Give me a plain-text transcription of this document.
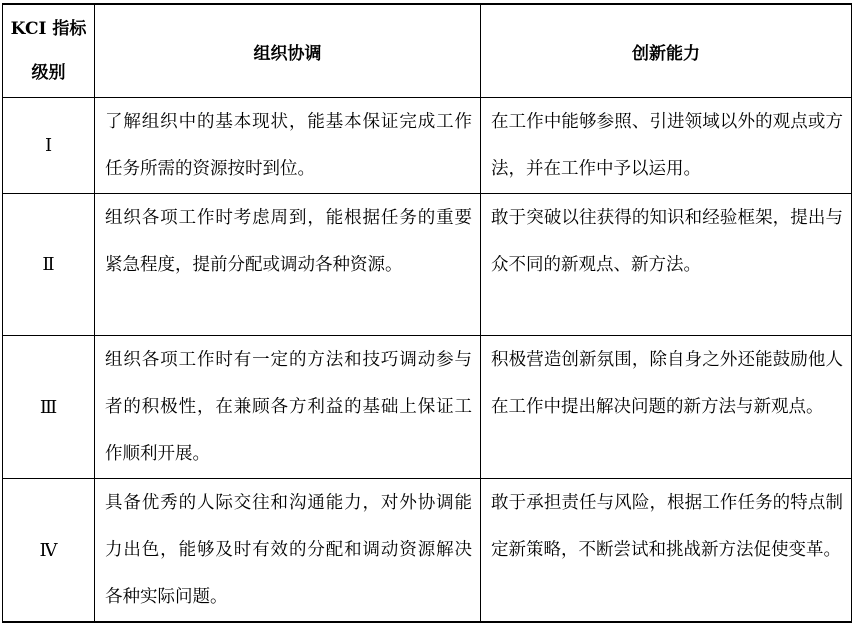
KCI 指标级别	组织协调	创新能力
Ⅰ	了解组织中的基本现状，能基本保证完成工作任务所需的资源按时到位。	在工作中能够参照、引进领域以外的观点或方法，并在工作中予以运用。
Ⅱ	组织各项工作时考虑周到，能根据任务的重要紧急程度，提前分配或调动各种资源。	敢于突破以往获得的知识和经验框架，提出与众不同的新观点、新方法。
Ⅲ	组织各项工作时有一定的方法和技巧调动参与者的积极性，在兼顾各方利益的基础上保证工作顺利开展。	积极营造创新氛围，除自身之外还能鼓励他人在工作中提出解决问题的新方法与新观点。
Ⅳ	具备优秀的人际交往和沟通能力，对外协调能力出色，能够及时有效的分配和调动资源解决各种实际问题。	敢于承担责任与风险，根据工作任务的特点制定新策略，不断尝试和挑战新方法促使变革。
